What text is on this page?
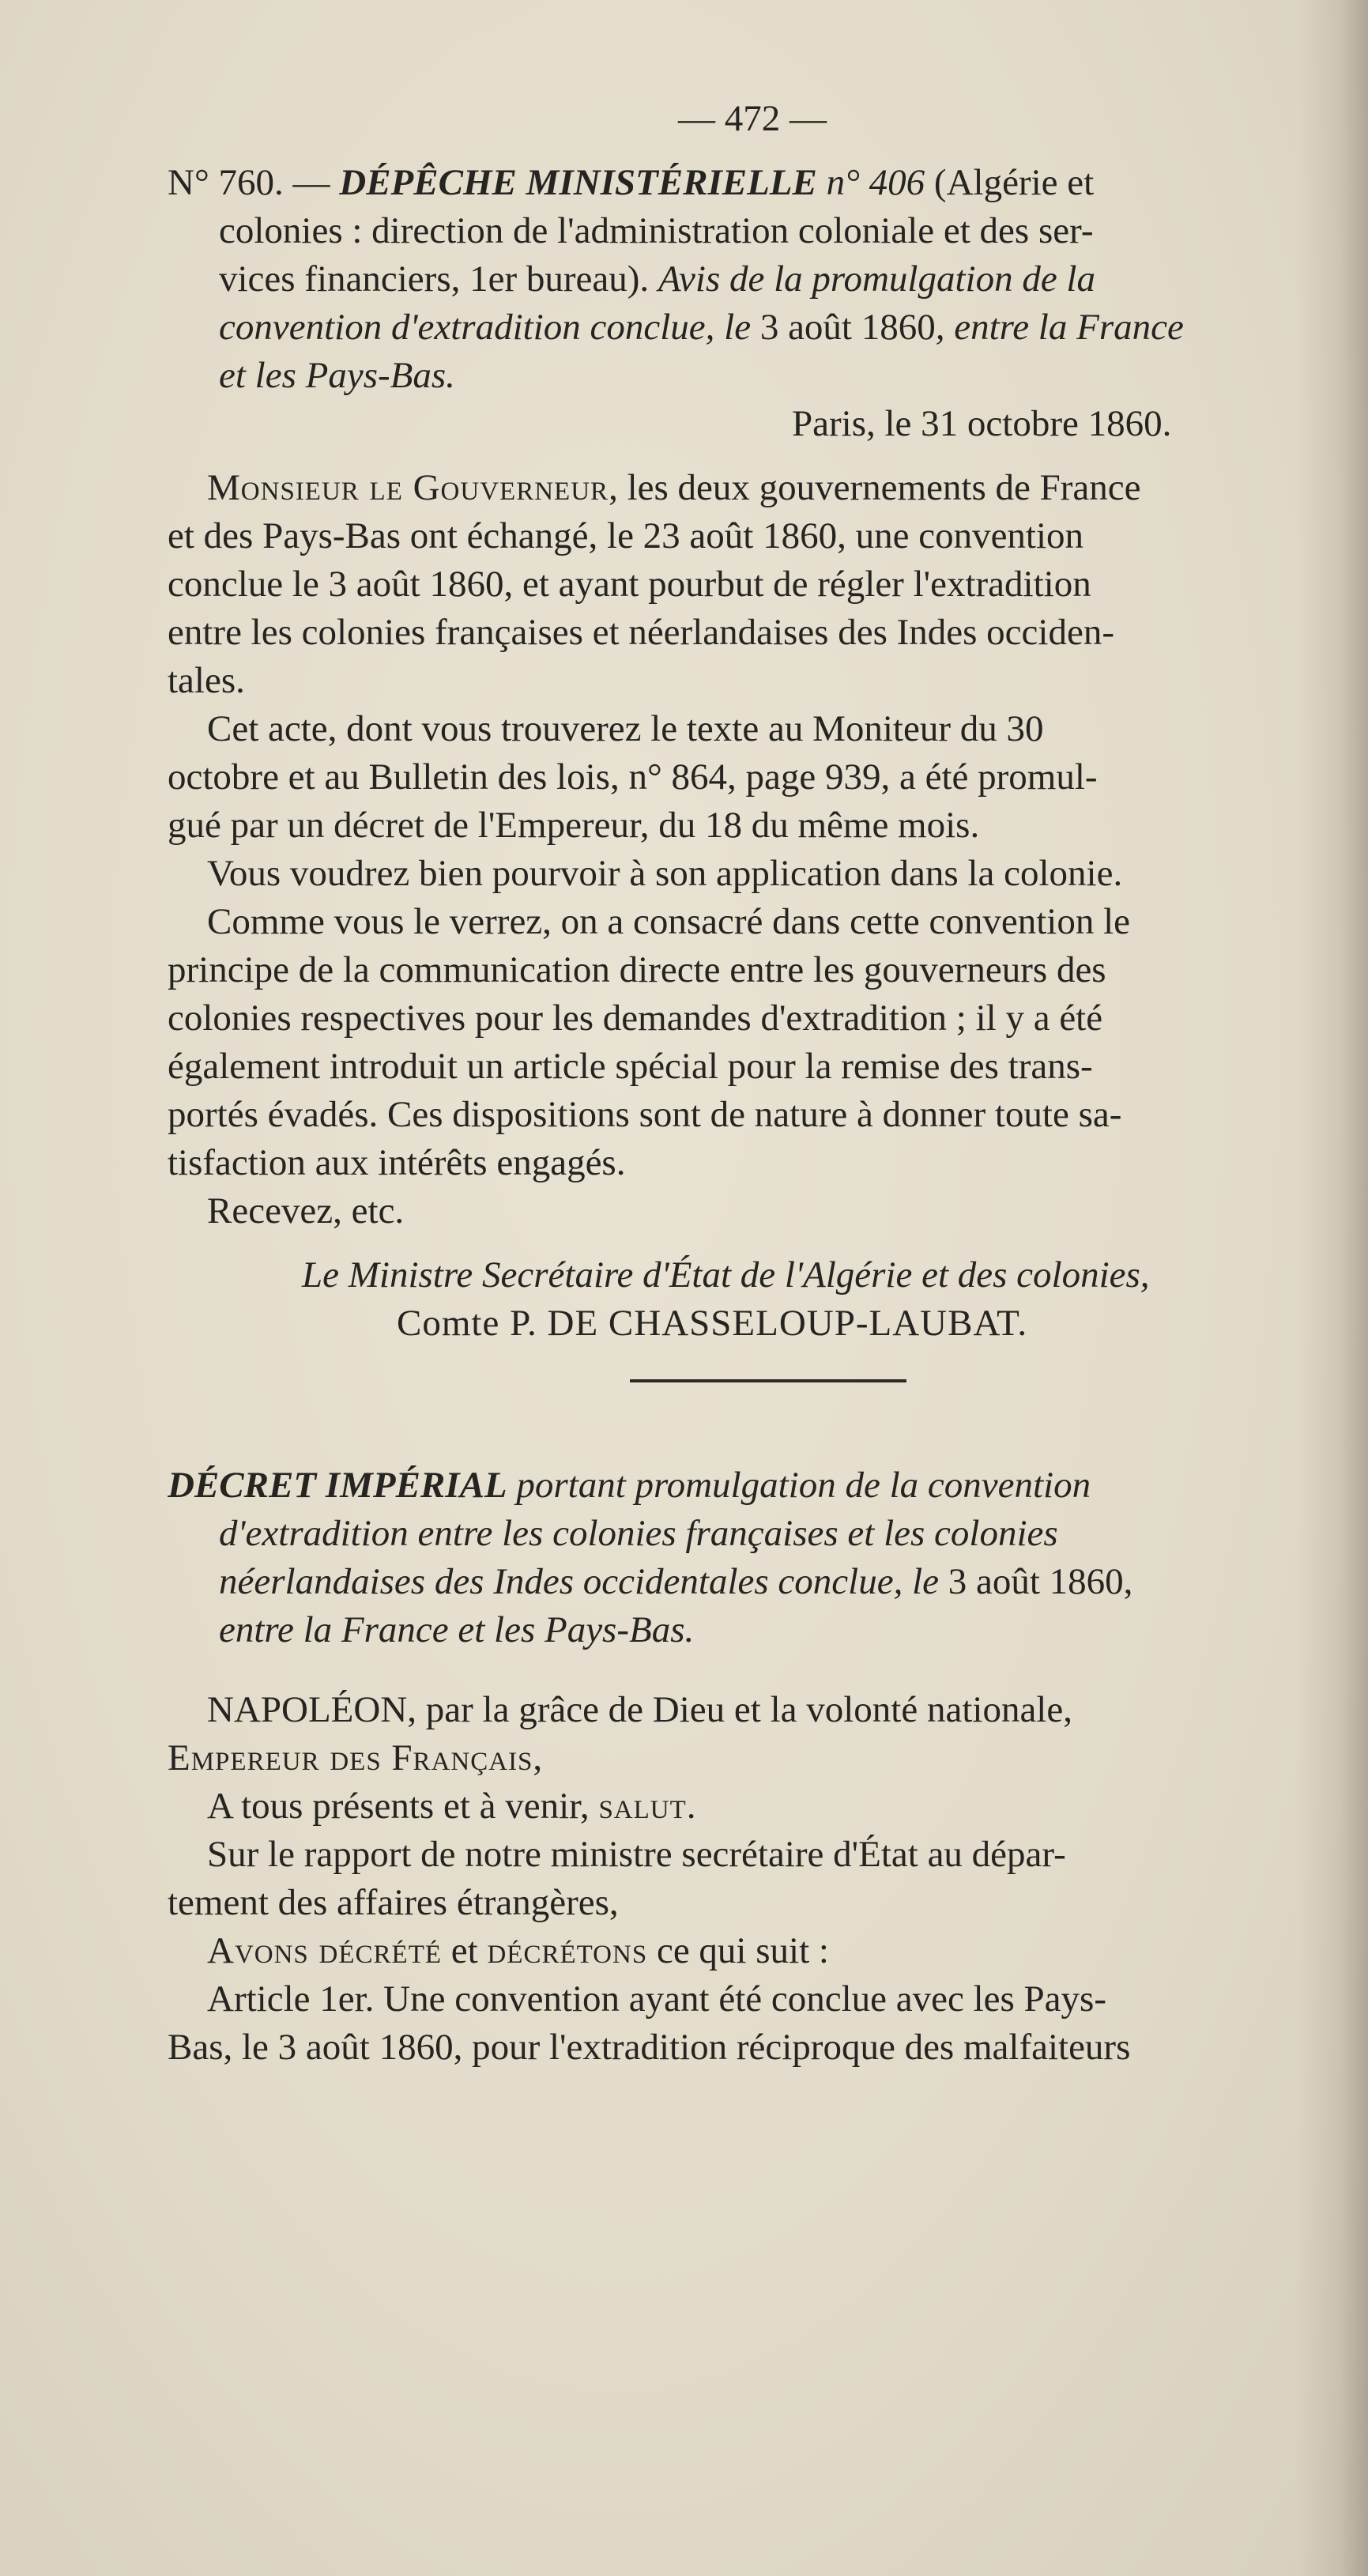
— 472 —
N° 760. — DÉPÊCHE MINISTÉRIELLE n° 406 (Algérie et
colonies : direction de l'administration coloniale et des ser-
vices financiers, 1er bureau). Avis de la promulgation de la
convention d'extradition conclue, le 3 août 1860, entre la France
et les Pays-Bas.
Paris, le 31 octobre 1860.
Monsieur le Gouverneur, les deux gouvernements de France
et des Pays-Bas ont échangé, le 23 août 1860, une convention
conclue le 3 août 1860, et ayant pourbut de régler l'extradition
entre les colonies françaises et néerlandaises des Indes occiden-
tales.
Cet acte, dont vous trouverez le texte au Moniteur du 30
octobre et au Bulletin des lois, n° 864, page 939, a été promul-
gué par un décret de l'Empereur, du 18 du même mois.
Vous voudrez bien pourvoir à son application dans la colonie.
Comme vous le verrez, on a consacré dans cette convention le
principe de la communication directe entre les gouverneurs des
colonies respectives pour les demandes d'extradition ; il y a été
également introduit un article spécial pour la remise des trans-
portés évadés. Ces dispositions sont de nature à donner toute sa-
tisfaction aux intérêts engagés.
Recevez, etc.
Le Ministre Secrétaire d'État de l'Algérie et des colonies,
Comte P. DE CHASSELOUP-LAUBAT.
DÉCRET IMPÉRIAL portant promulgation de la convention
d'extradition entre les colonies françaises et les colonies
néerlandaises des Indes occidentales conclue, le 3 août 1860,
entre la France et les Pays-Bas.
NAPOLÉON, par la grâce de Dieu et la volonté nationale,
Empereur des Français,
A tous présents et à venir, salut.
Sur le rapport de notre ministre secrétaire d'État au dépar-
tement des affaires étrangères,
Avons décrété et décrétons ce qui suit :
Article 1er. Une convention ayant été conclue avec les Pays-
Bas, le 3 août 1860, pour l'extradition réciproque des malfaiteurs
